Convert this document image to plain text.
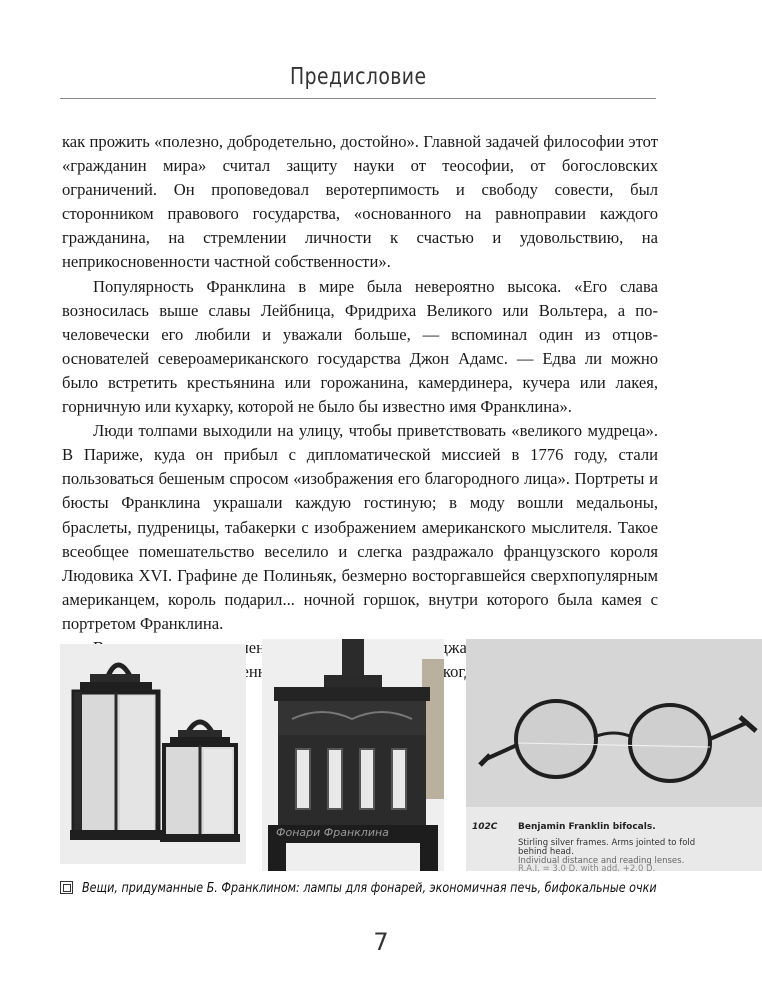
Предисловие

как прожить «полезно, добродетельно, достойно». Главной задачей философии этот «гражданин мира» считал защиту науки от теософии, от богословских ограничений. Он проповедовал веротерпимость и свободу совести, был сторонником правового государства, «основанного на равноправии каждого гражданина, на стремлении личности к счастью и удовольствию, на неприкосновенности частной собственности».

Популярность Франклина в мире была невероятно высока. «Его слава возносилась выше славы Лейбница, Фридриха Великого или Вольтера, а по-человечески его любили и уважали больше, — вспоминал один из отцов-основателей североамериканского государства Джон Адамс. — Едва ли можно было встретить крестьянина или горожанина, камердинера, кучера или лакея, горничную или кухарку, которой не было бы известно имя Франклина».

Люди толпами выходили на улицу, чтобы приветствовать «великого мудреца». В Париже, куда он прибыл с дипломатической миссией в 1776 году, стали пользоваться бешеным спросом «изображения его благородного лица». Портреты и бюсты Франклина украшали каждую гостиную; в моду вошли медальоны, браслеты, пудреницы, табакерки с изображением американского мыслителя. Такое всеобщее помешательство веселило и слегка раздражало французского короля Людовика XVI. Графине де Полиньяк, безмерно восторгавшейся сверхпопулярным американцем, король подарил... ночной горшок, внутри которого была камея с портретом Франклина.

Бенджамин когда

Фонари Франклина	102C Benjamin Franklin bifocals.
Stirling silver frames. Arms jointed to fold
behind head.
Individual distance and reading lenses.
R.A.I. = 3.0 D. with add. +2.0 D.
Вещи, придуманные Б. Франклином: лампы для фонарей, экономичная печь, бифокальные очки
7
